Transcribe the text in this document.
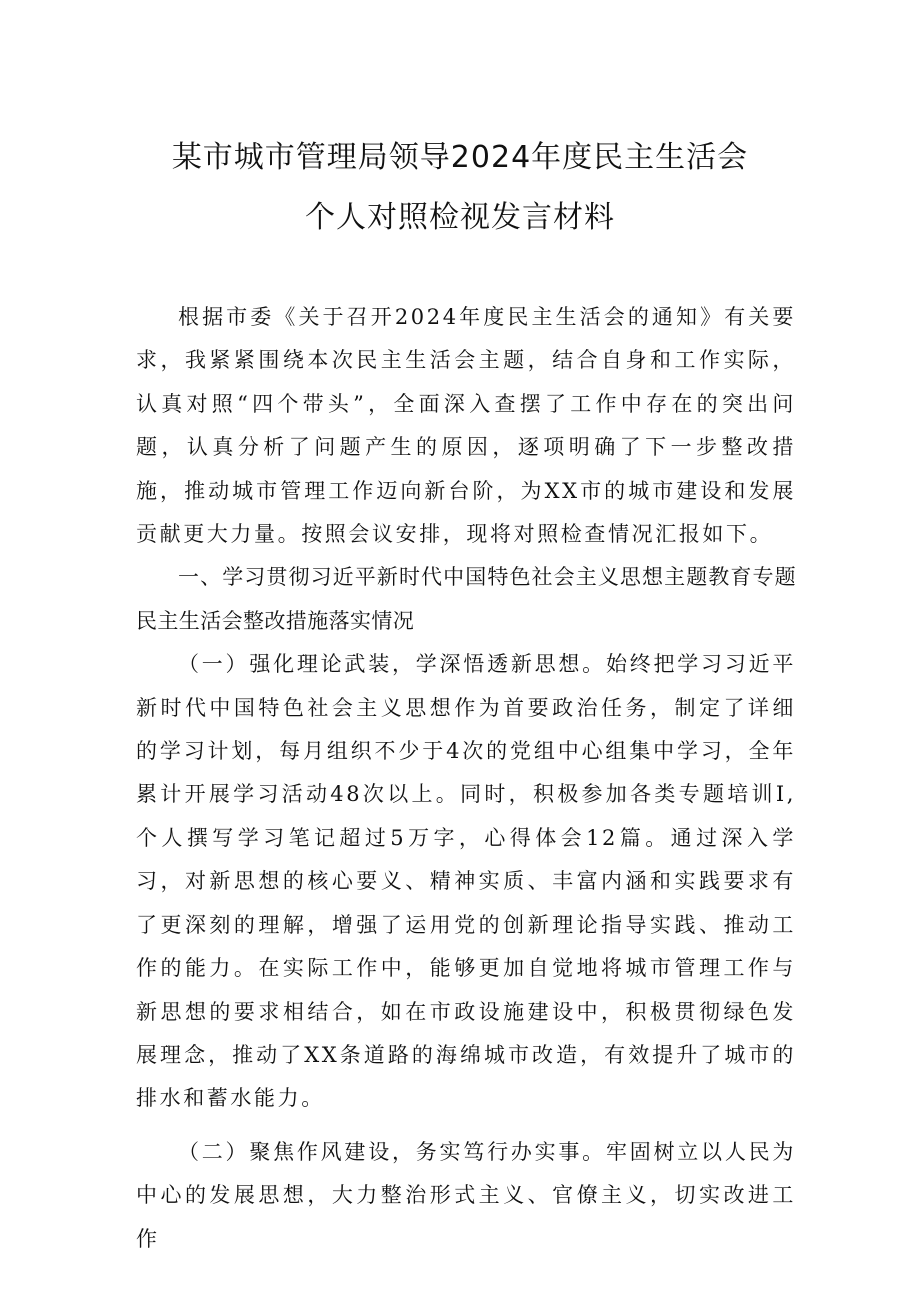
某市城市管理局领导2024年度民主生活会
个人对照检视发言材料

根据市委《关于召开2024年度民主生活会的通知》有关要求，我紧紧围绕本次民主生活会主题，结合自身和工作实际，认真对照“四个带头”，全面深入查摆了工作中存在的突出问题，认真分析了问题产生的原因，逐项明确了下一步整改措施，推动城市管理工作迈向新台阶，为XX市的城市建设和发展贡献更大力量。按照会议安排，现将对照检查情况汇报如下。

一、学习贯彻习近平新时代中国特色社会主义思想主题教育专题民主生活会整改措施落实情况

（一）强化理论武装，学深悟透新思想。始终把学习习近平新时代中国特色社会主义思想作为首要政治任务，制定了详细的学习计划，每月组织不少于4次的党组中心组集中学习，全年累计开展学习活动48次以上。同时，积极参加各类专题培训I,个人撰写学习笔记超过5万字，心得体会12篇。通过深入学习，对新思想的核心要义、精神实质、丰富内涵和实践要求有了更深刻的理解，增强了运用党的创新理论指导实践、推动工作的能力。在实际工作中，能够更加自觉地将城市管理工作与新思想的要求相结合，如在市政设施建设中，积极贯彻绿色发展理念，推动了XX条道路的海绵城市改造，有效提升了城市的排水和蓄水能力。

（二）聚焦作风建设，务实笃行办实事。牢固树立以人民为中心的发展思想，大力整治形式主义、官僚主义，切实改进工作
